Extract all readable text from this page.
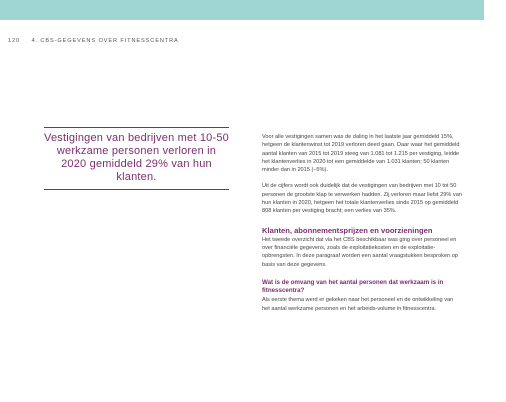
120 4. CBS-GEGEVENS OVER FITNESSCENTRA

Vestigingen van bedrijven met 10-50 werkzame personen verloren in 2020 gemiddeld 29% van hun klanten.

Voor alle vestigingen samen was de daling in het laatste jaar gemiddeld 15%, hetgeen de klantenwinst tot 2019 verloren deed gaan. Daar waar het gemiddeld aantal klanten van 2015 tot 2019 steeg van 1.081 tot 1.215 per vestiging, leidde het klantenverlies in 2020 tot een gemiddelde van 1.031 klanten; 50 klanten minder dan in 2015 (–5%).

Uit de cijfers wordt ook duidelijk dat de vestigingen van bedrijven met 10 tot 50 personen de grootste klap te verwerken hadden. Zij verloren maar liefst 29% van hun klanten in 2020, hetgeen het totale klantenverlies sinds 2015 op gemiddeld 808 klanten per vestiging bracht; een verlies van 35%.

Klanten, abonnementsprijzen en voorzieningen

Het tweede overzicht dat via het CBS beschikbaar was ging over personeel en over financiële gegevens, zoals de exploitatiekosten en de exploitatie-opbrengsten. In deze paragraaf worden een aantal vraagstukken besproken op basis van deze gegevens.

Wat is de omvang van het aantal personen dat werkzaam is in fitnesscentra?

Als eerste thema werd er gekeken naar het personeel en de ontwikkeling van het aantal werkzame personen en het arbeids-volume in fitnesscentra.
